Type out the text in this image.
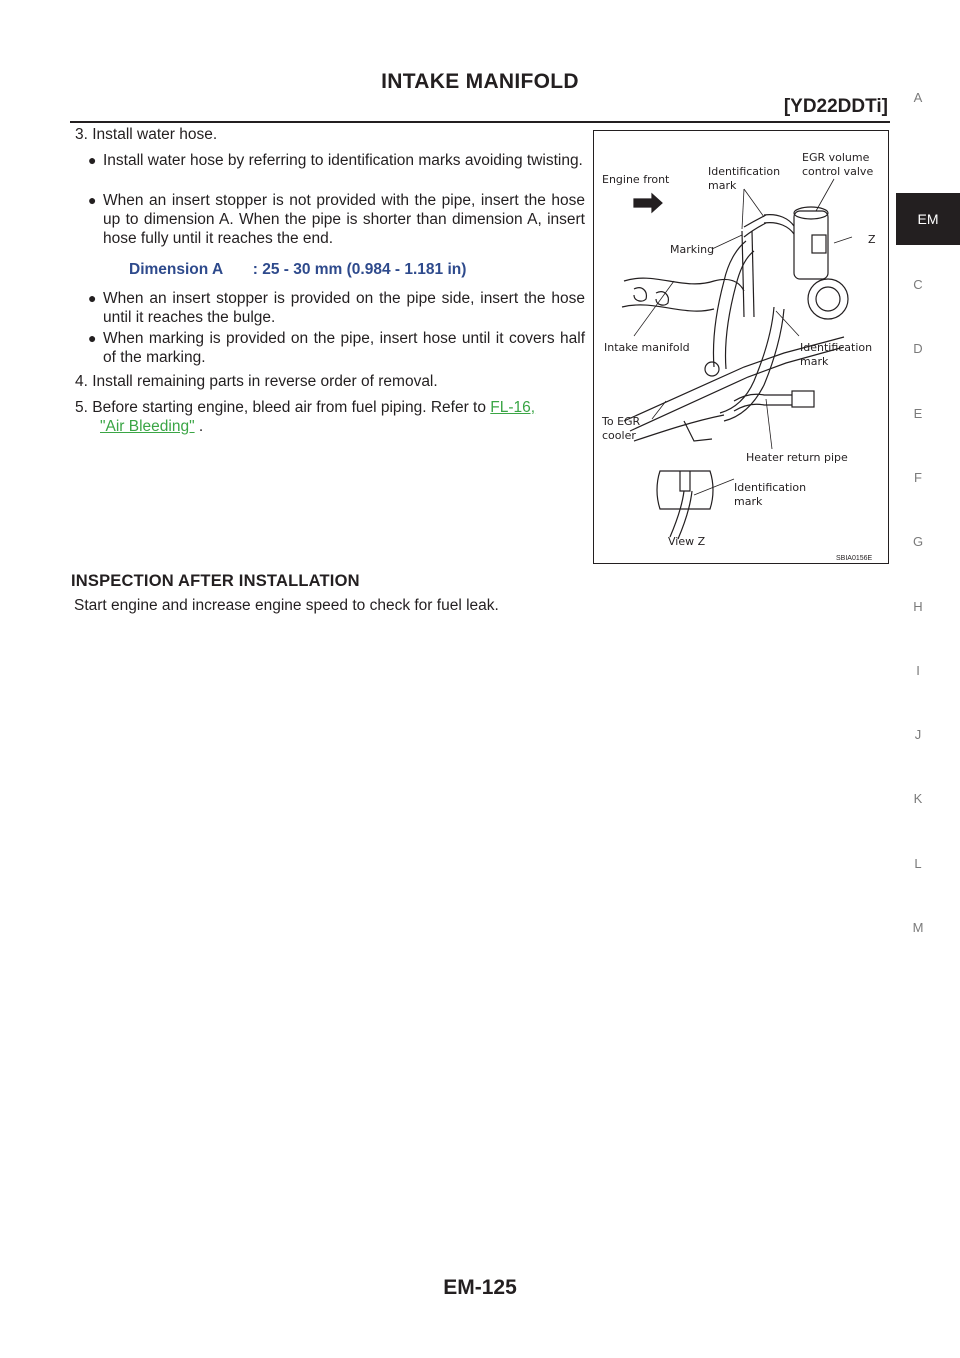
INTAKE MANIFOLD
[YD22DDTi]
3. Install water hose.
● Install water hose by referring to identification marks avoiding twisting.
● When an insert stopper is not provided with the pipe, insert the hose up to dimension A. When the pipe is shorter than dimension A, insert hose fully until it reaches the end.
Dimension A : 25 - 30 mm (0.984 - 1.181 in)
● When an insert stopper is provided on the pipe side, insert the hose until it reaches the bulge.
● When marking is provided on the pipe, insert hose until it covers half of the marking.
4. Install remaining parts in reverse order of removal.
5. Before starting engine, bleed air from fuel piping. Refer to FL-16,
"Air Bleeding" .
Engine front
Identification
mark
EGR volume
control valve
Z
Marking
Intake manifold	Identification
mark
To EGR
cooler
Heater return pipe
Identification
mark
View Z
SBIA0156E
INSPECTION AFTER INSTALLATION
Start engine and increase engine speed to check for fuel leak.
A
EM
C
D
E
F
G
H
I
J
K
L
M
EM-125
